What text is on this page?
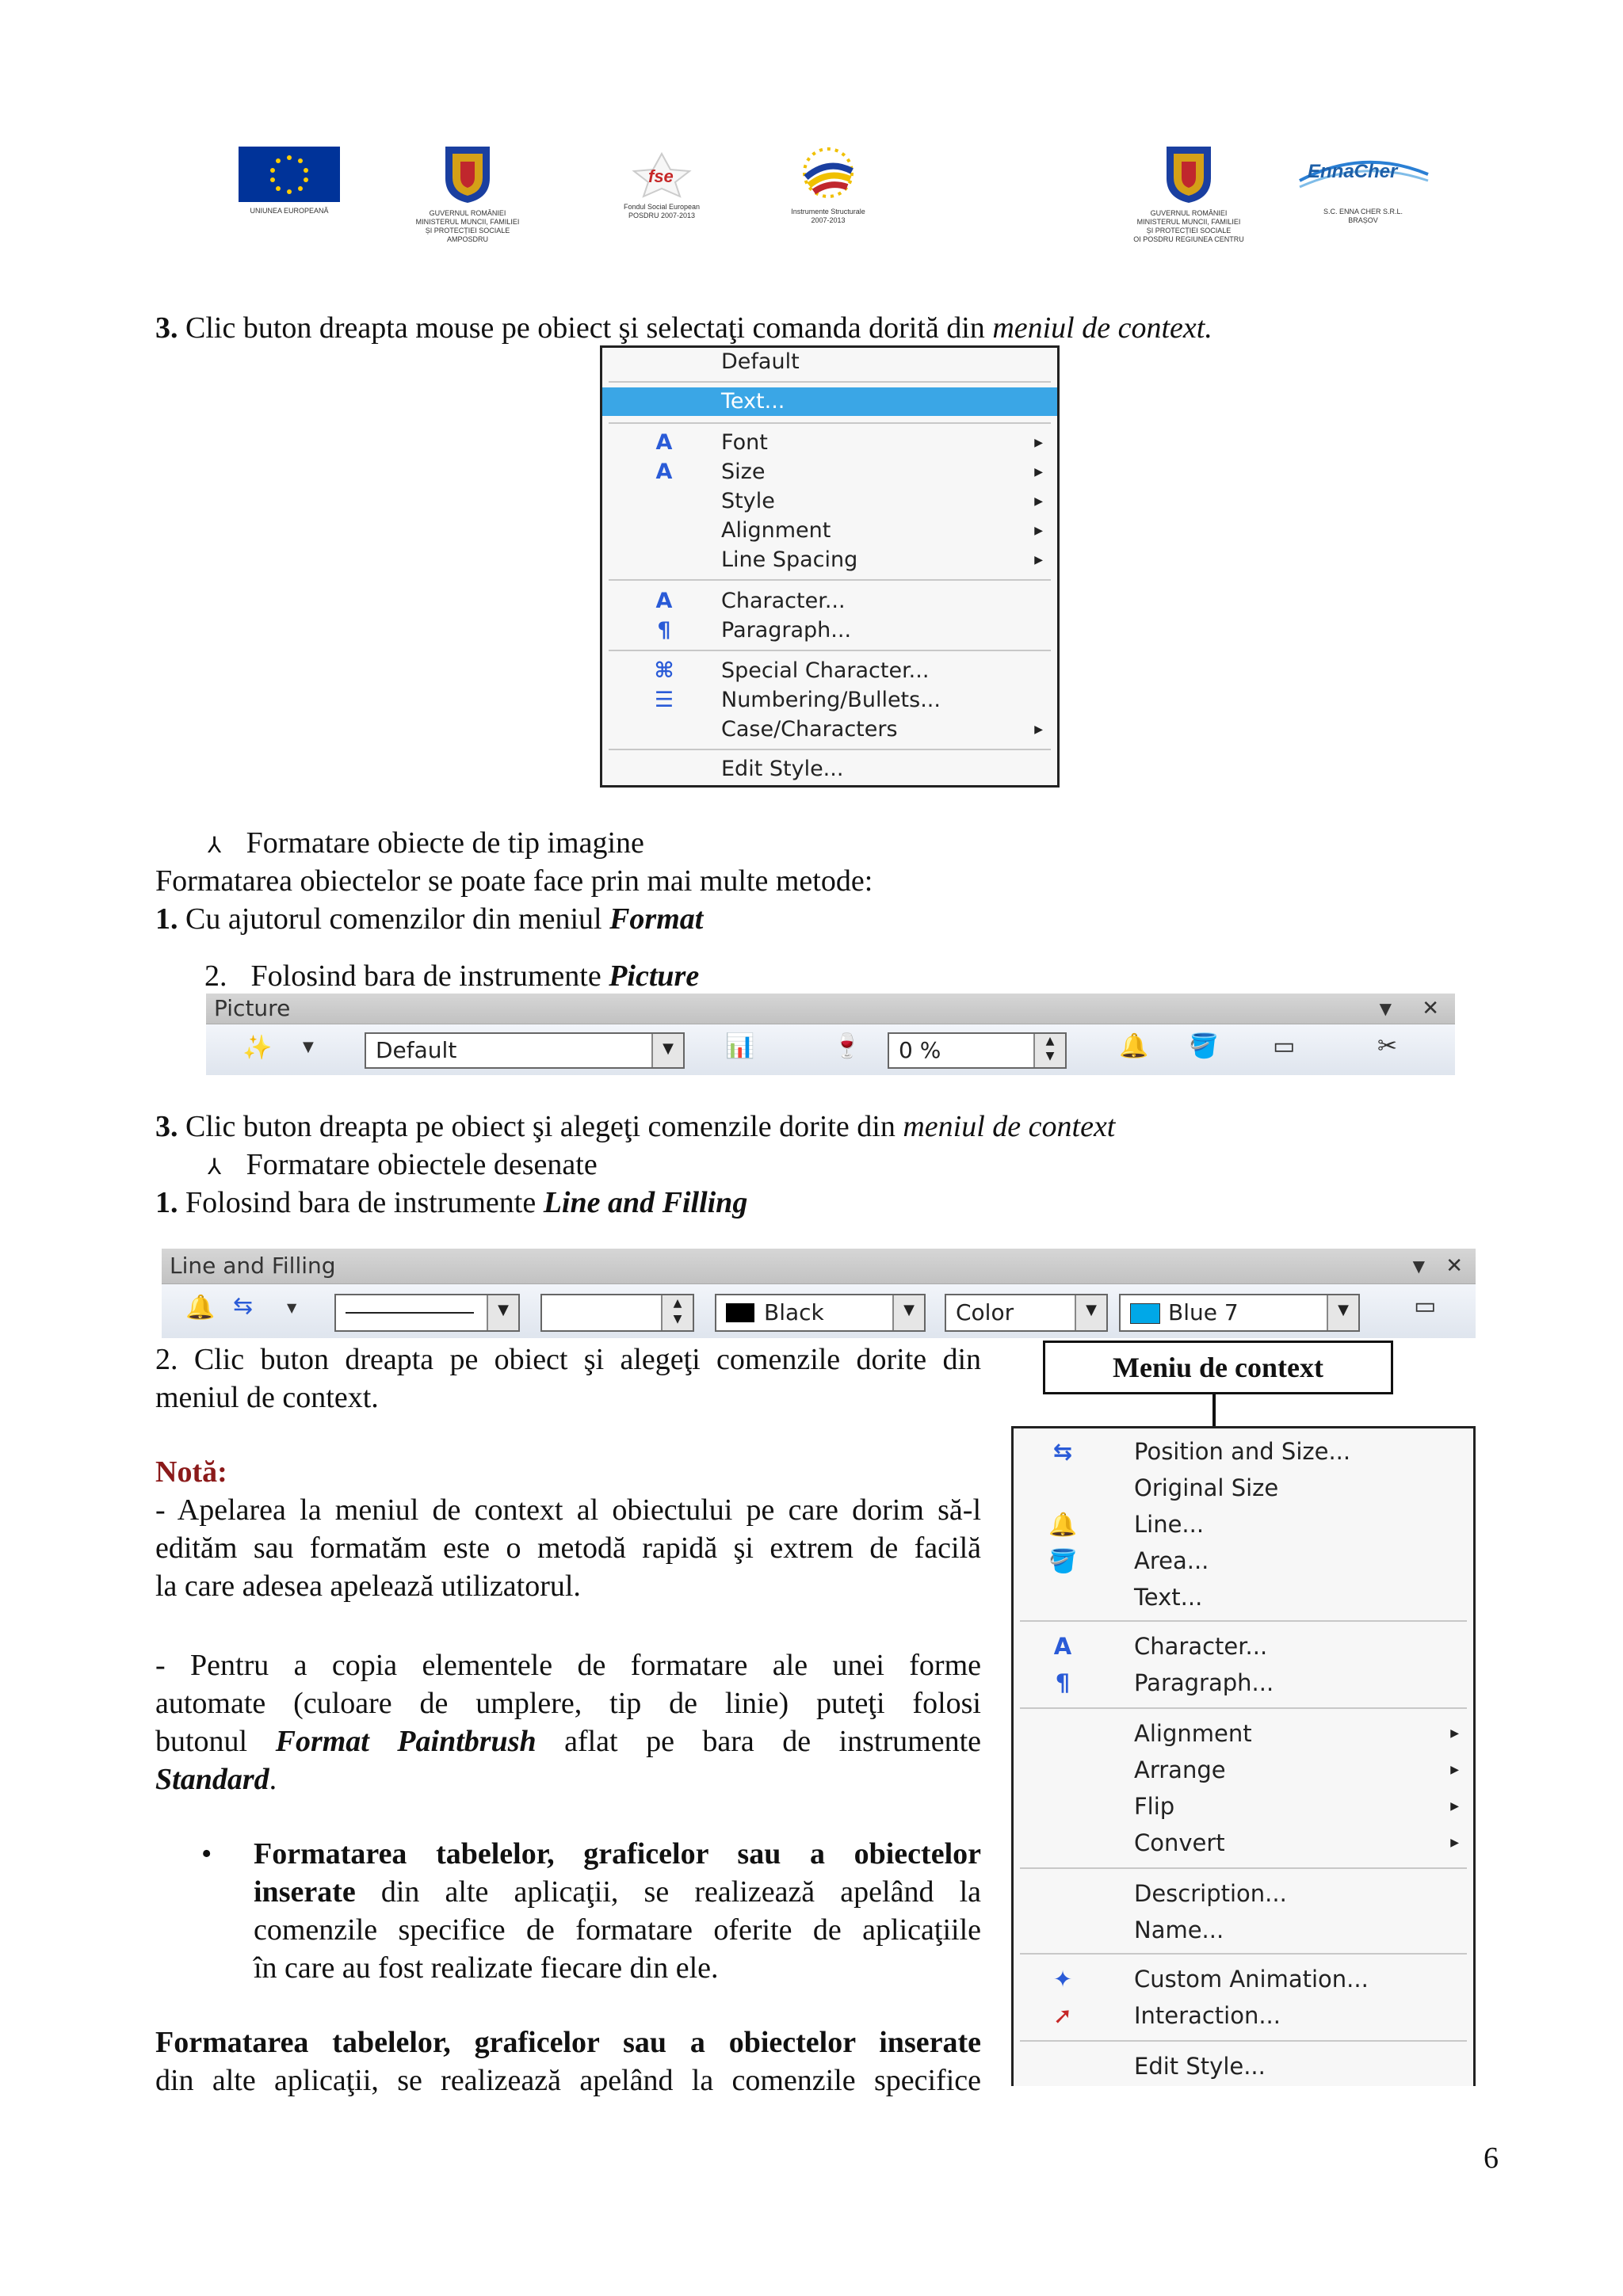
UNIUNEA EUROPEANĂ	GUVERNUL ROMÂNIEI
MINISTERUL MUNCII, FAMILIEI
ȘI PROTECȚIEI SOCIALE
AMPOSDRU
fse
Fondul Social European
POSDRU 2007-2013	Instrumente Structurale
2007-2013
GUVERNUL ROMÂNIEI
MINISTERUL MUNCII, FAMILIEI
ȘI PROTECȚIEI SOCIALE
OI POSDRU REGIUNEA CENTRU
EnnaCher
S.C. ENNA CHER S.R.L.
BRAȘOV
3. Clic buton dreapta mouse pe obiect şi selectaţi comanda dorită din meniul de context.
Default
Text...
A	Font	▶
A	Size	▶
Style	▶
Alignment	▶
Line Spacing	▶
A	Character...
¶	Paragraph...
⌘	Special Character...
☰	Numbering/Bullets...
Case/Characters	▶
Edit Style...
⅄ Formatare obiecte de tip imagine
Formatarea obiectelor se poate face prin mai multe metode:
1. Cu ajutorul comenzilor din meniul Format
2. Folosind bara de instrumente Picture
Picture	▼ ✕
✨ ▼	Default	▼	📊	🍷	0 %	▲
▼	🔔 🪣 ▭	✂
3. Clic buton dreapta pe obiect şi alegeţi comenzile dorite din meniul de context
⅄ Formatare obiectele desenate
1. Folosind bara de instrumente Line and Filling
Line and Filling	▼ ✕
🔔 ⇆	▼	▼	▲
▼	Black	▼	Color	▼	Blue 7	▼	▭
2. Clic buton dreapta pe obiect şi alegeţi comenzile dorite din
meniul de context.
Notă:
- Apelarea la meniul de context al obiectului pe care dorim să-l
edităm sau formatăm este o metodă rapidă şi extrem de facilă
la care adesea apelează utilizatorul.
- Pentru a copia elementele de formatare ale unei forme
automate (culoare de umplere, tip de linie) puteţi folosi
butonul Format Paintbrush aflat pe bara de instrumente
Standard.
• Formatarea tabelelor, graficelor sau a obiectelor
inserate din alte aplicaţii, se realizează apelând la
comenzile specifice de formatare oferite de aplicaţiile
în care au fost realizate fiecare din ele.
Formatarea tabelelor, graficelor sau a obiectelor inserate
din alte aplicaţii, se realizează apelând la comenzile specifice
Meniu de context
⇆	Position and Size...
Original Size
🔔 Line...
🪣 Area...
Text...
A	Character...
¶	Paragraph...
Alignment	▶
Arrange	▶
Flip	▶
Convert	▶
Description...
Name...
✦	Custom Animation...
➚	Interaction...
Edit Style...
6
